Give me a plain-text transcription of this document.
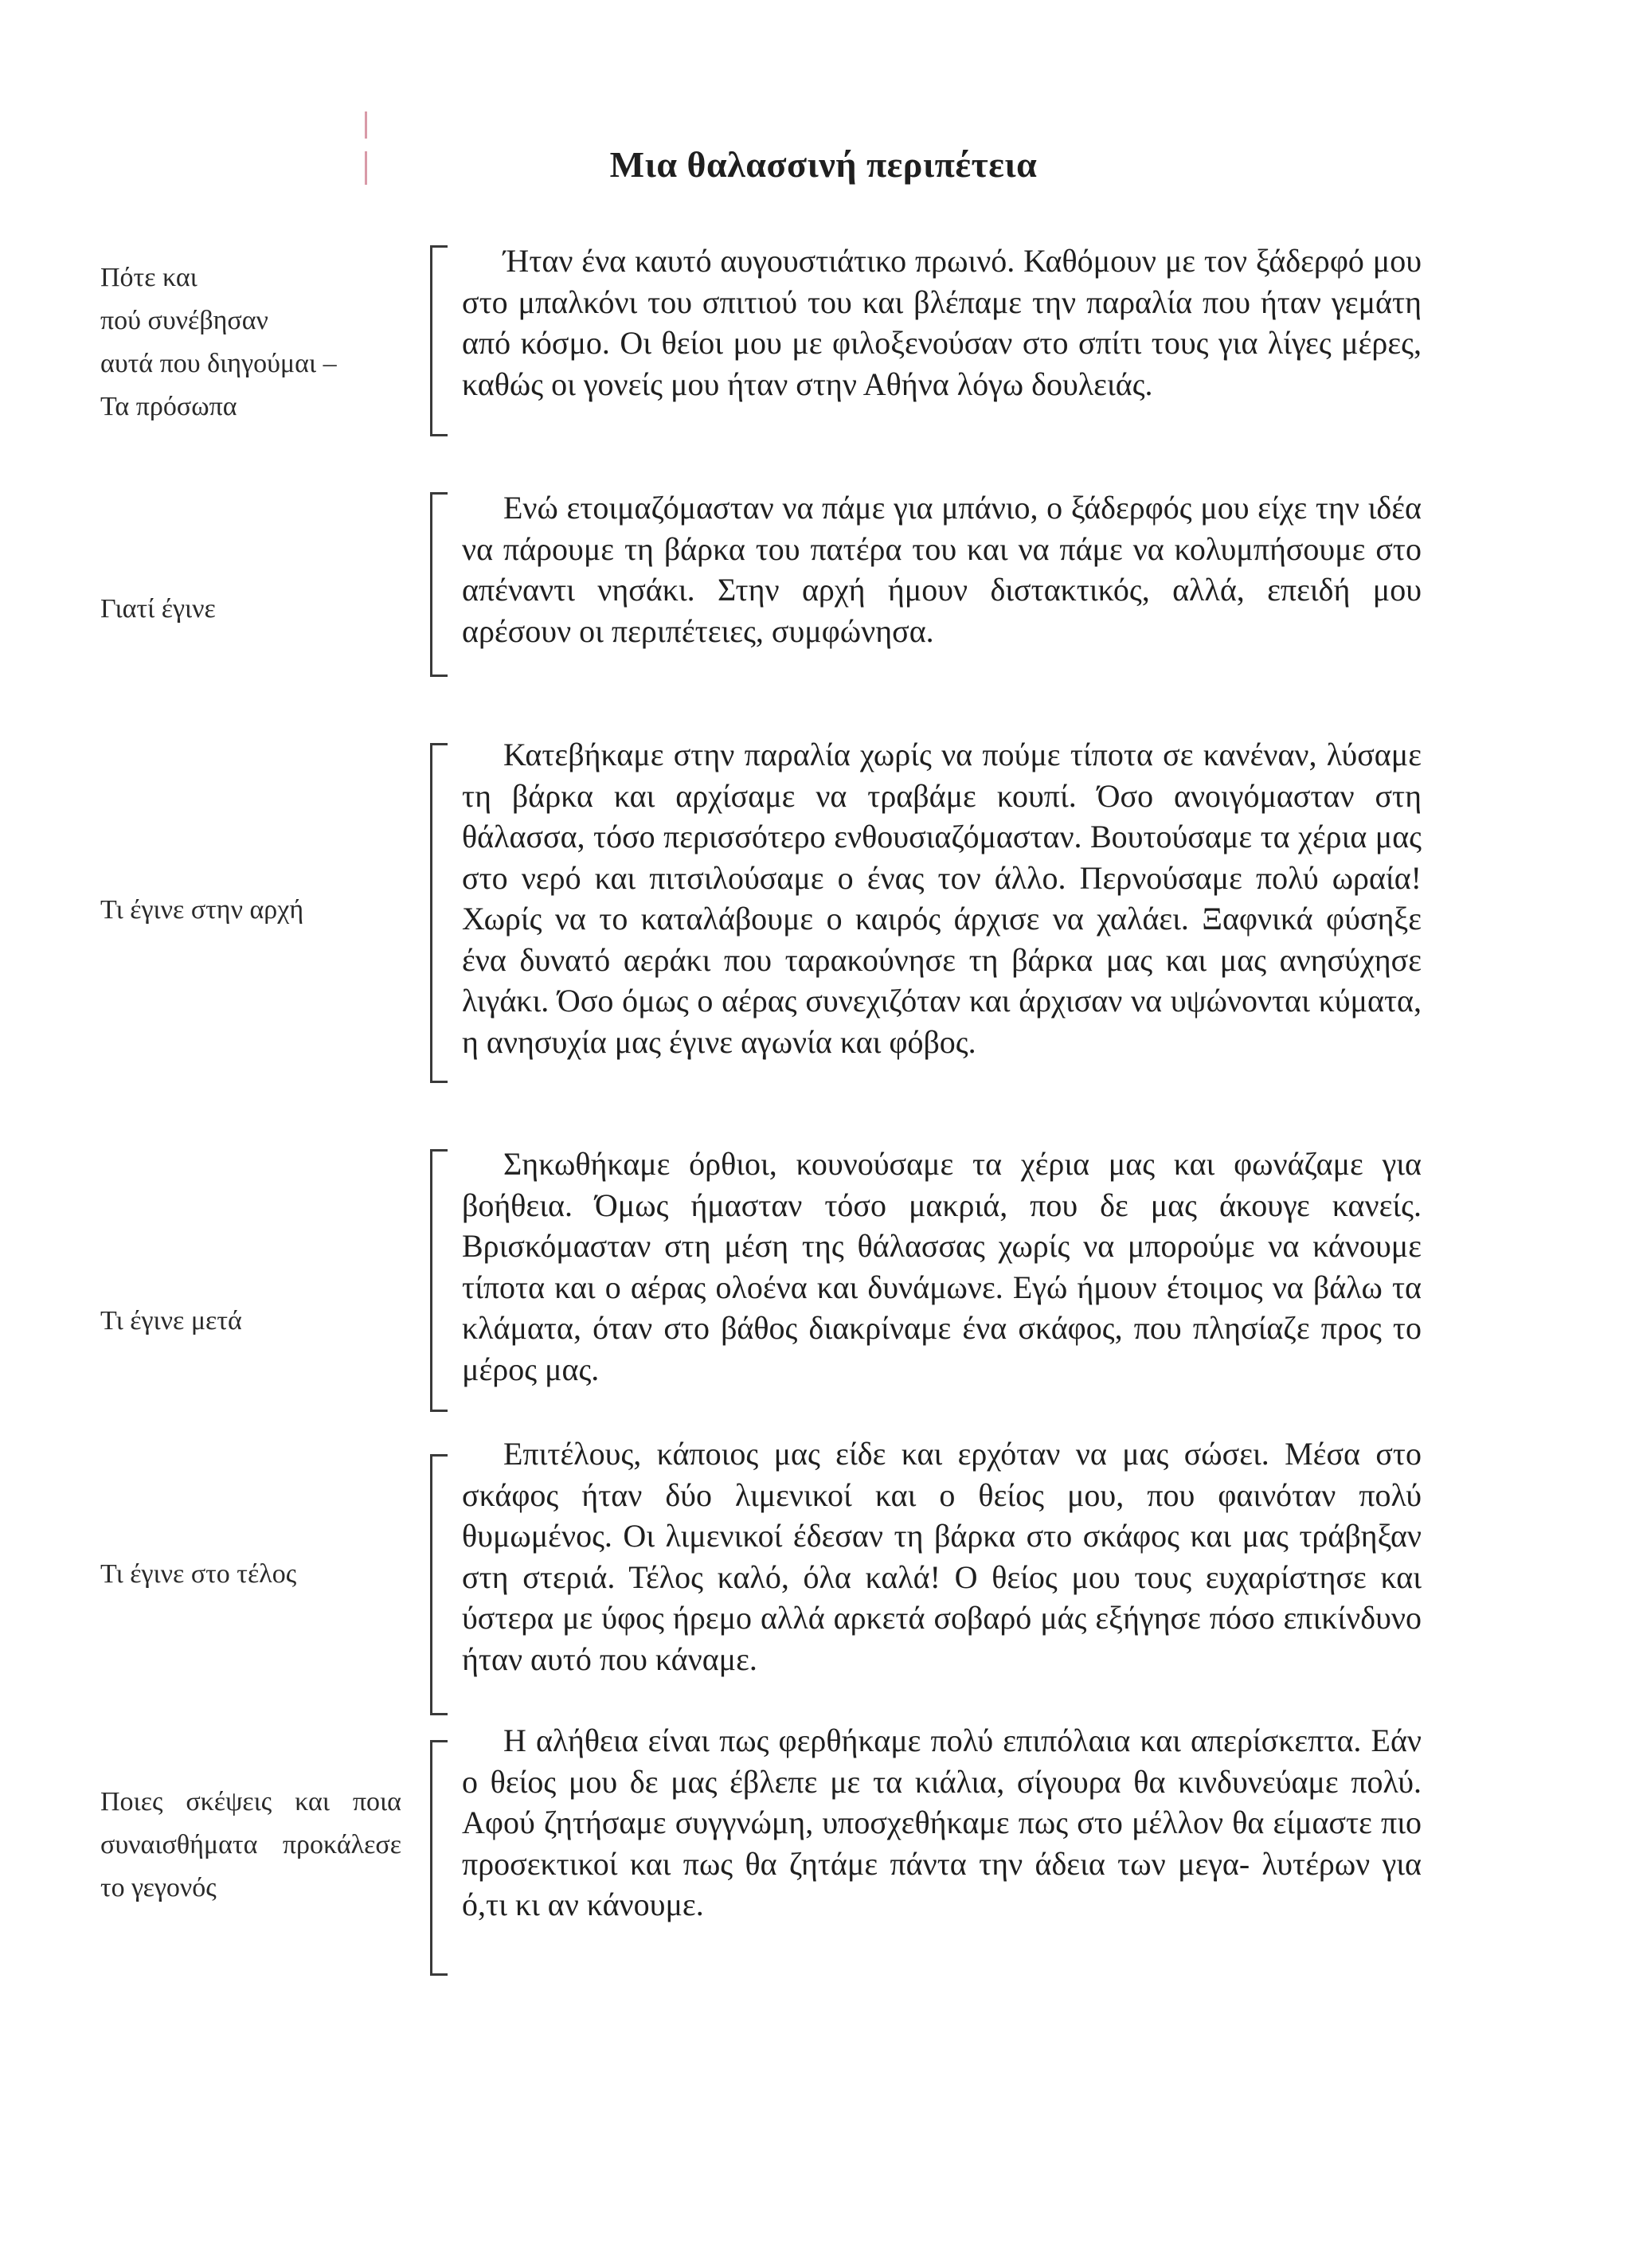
Μια θαλασσινή περιπέτεια
Πότε και
πού συνέβησαν
αυτά που διηγούμαι –
Τα πρόσωπα
Ήταν ένα καυτό αυγουστιάτικο πρωινό. Καθόμουν με τον ξάδερφό μου στο μπαλκόνι του σπιτιού του και βλέπαμε την παραλία που ήταν γεμάτη από κόσμο. Οι θείοι μου με φιλοξενούσαν στο σπίτι τους για λίγες μέρες, καθώς οι γονείς μου ήταν στην Αθήνα λόγω δουλειάς.
Γιατί έγινε
Ενώ ετοιμαζόμασταν να πάμε για μπάνιο, ο ξάδερφός μου είχε την ιδέα να πάρουμε τη βάρκα του πατέρα του και να πάμε να κολυμπήσουμε στο απέναντι νησάκι. Στην αρχή ήμουν διστακτικός, αλλά, επειδή μου αρέσουν οι περιπέτειες, συμφώνησα.
Τι έγινε στην αρχή
Κατεβήκαμε στην παραλία χωρίς να πούμε τίποτα σε κανέναν, λύσαμε τη βάρκα και αρχίσαμε να τραβάμε κουπί. Όσο ανοιγόμασταν στη θάλασσα, τόσο περισσότερο ενθουσιαζόμασταν. Βουτούσαμε τα χέρια μας στο νερό και πιτσιλούσαμε ο ένας τον άλλο. Περνούσαμε πολύ ωραία! Χωρίς να το καταλάβουμε ο καιρός άρχισε να χαλάει. Ξαφνικά φύσηξε ένα δυνατό αεράκι που ταρακούνησε τη βάρκα μας και μας ανησύχησε λιγάκι. Όσο όμως ο αέρας συνεχιζόταν και άρχισαν να υψώνονται κύματα, η ανησυχία μας έγινε αγωνία και φόβος.
Τι έγινε μετά
Σηκωθήκαμε όρθιοι, κουνούσαμε τα χέρια μας και φωνάζαμε για βοήθεια. Όμως ήμασταν τόσο μακριά, που δε μας άκουγε κανείς. Βρισκόμασταν στη μέση της θάλασσας χωρίς να μπορούμε να κάνουμε τίποτα και ο αέρας ολοένα και δυνάμωνε. Εγώ ήμουν έτοιμος να βάλω τα κλάματα, όταν στο βάθος διακρίναμε ένα σκάφος, που πλησίαζε προς το μέρος μας.
Τι έγινε στο τέλος
Επιτέλους, κάποιος μας είδε και ερχόταν να μας σώσει. Μέσα στο σκάφος ήταν δύο λιμενικοί και ο θείος μου, που φαινόταν πολύ θυμωμένος. Οι λιμενικοί έδεσαν τη βάρκα στο σκάφος και μας τράβηξαν στη στεριά. Τέλος καλό, όλα καλά! Ο θείος μου τους ευχαρίστησε και ύστερα με ύφος ήρεμο αλλά αρκετά σοβαρό μάς εξήγησε πόσο επικίνδυνο ήταν αυτό που κάναμε.
Ποιες σκέψεις και ποια συναισθήματα προκάλεσε το γεγονός
Η αλήθεια είναι πως φερθήκαμε πολύ επιπόλαια και απερίσκεπτα. Εάν ο θείος μου δε μας έβλεπε με τα κιάλια, σίγουρα θα κινδυνεύαμε πολύ. Αφού ζητήσαμε συγγνώμη, υποσχεθήκαμε πως στο μέλλον θα είμαστε πιο προσεκτικοί και πως θα ζητάμε πάντα την άδεια των μεγα- λυτέρων για ό,τι κι αν κάνουμε.
